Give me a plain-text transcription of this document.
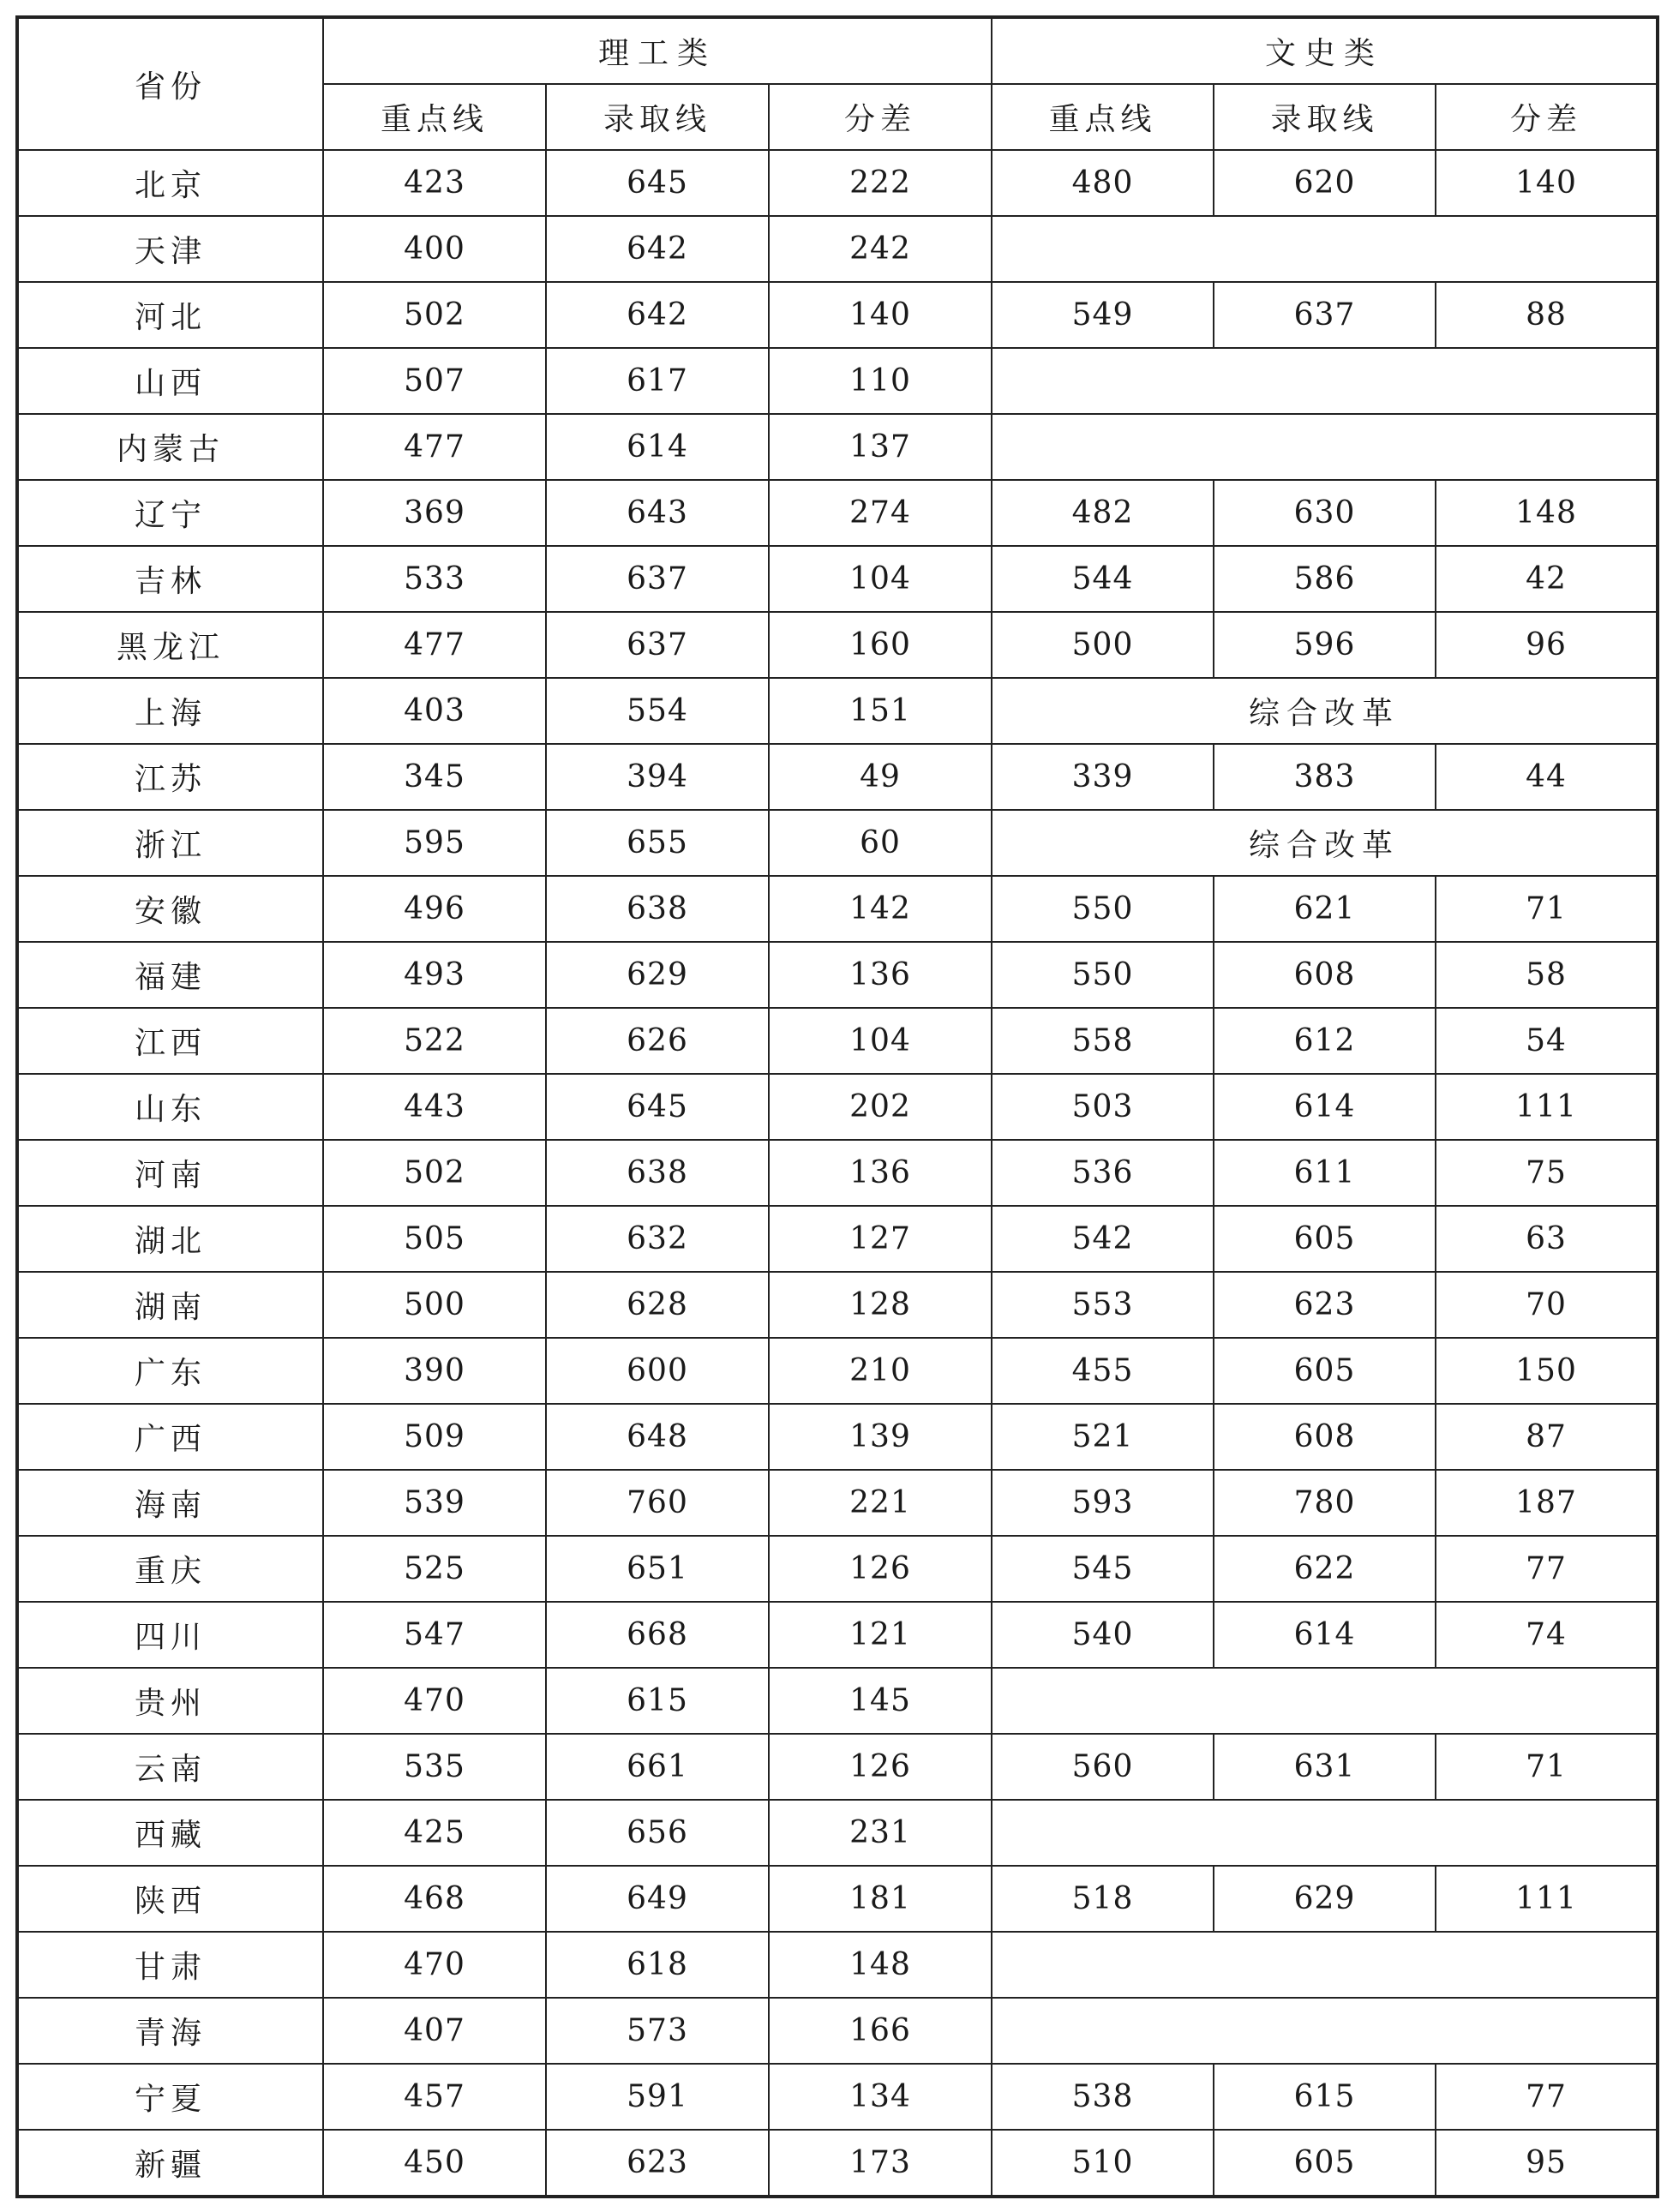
省份	理工类			文史类		
	重点线	录取线	分差	重点线	录取线	分差
北京	423	645	222	480	620	140
天津	400	642	242			
河北	502	642	140	549	637	88
山西	507	617	110			
内蒙古	477	614	137			
辽宁	369	643	274	482	630	148
吉林	533	637	104	544	586	42
黑龙江	477	637	160	500	596	96
上海	403	554	151	综合改革		
江苏	345	394	49	339	383	44
浙江	595	655	60	综合改革		
安徽	496	638	142	550	621	71
福建	493	629	136	550	608	58
江西	522	626	104	558	612	54
山东	443	645	202	503	614	111
河南	502	638	136	536	611	75
湖北	505	632	127	542	605	63
湖南	500	628	128	553	623	70
广东	390	600	210	455	605	150
广西	509	648	139	521	608	87
海南	539	760	221	593	780	187
重庆	525	651	126	545	622	77
四川	547	668	121	540	614	74
贵州	470	615	145			
云南	535	661	126	560	631	71
西藏	425	656	231			
陕西	468	649	181	518	629	111
甘肃	470	618	148			
青海	407	573	166			
宁夏	457	591	134	538	615	77
新疆	450	623	173	510	605	95
